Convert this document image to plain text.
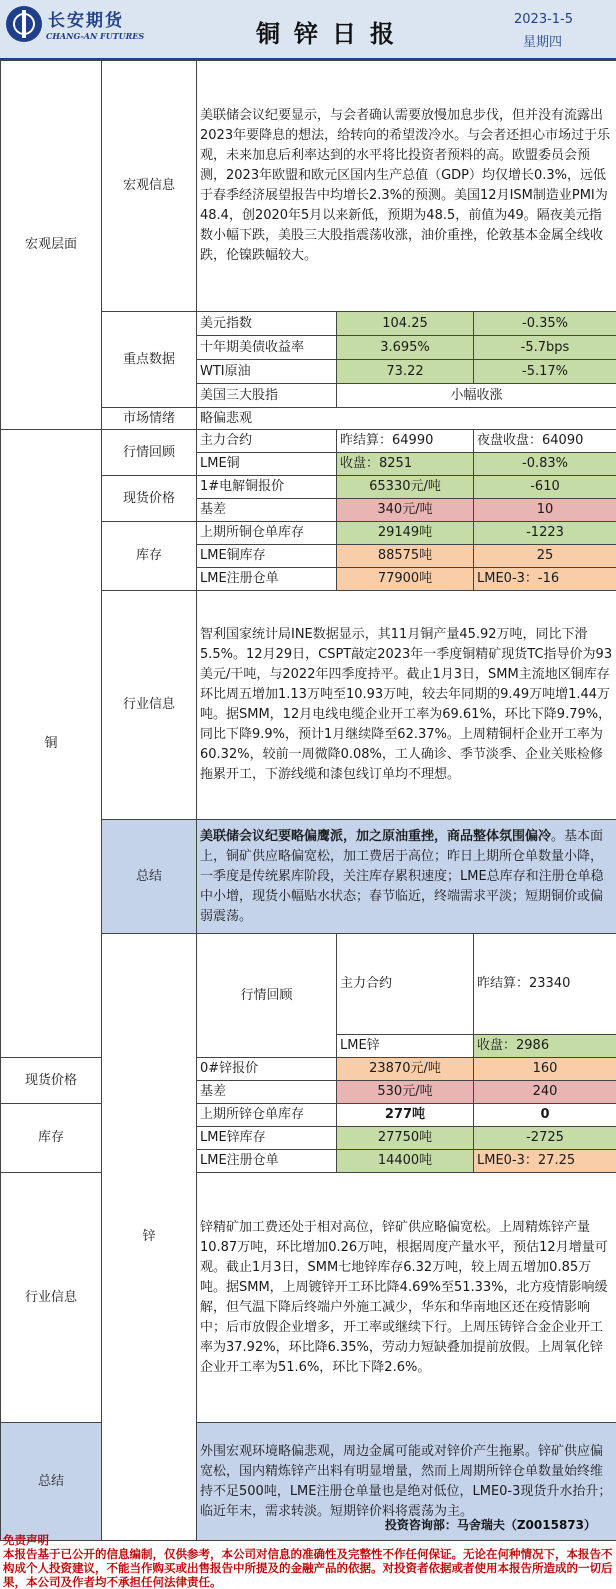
长安期货
CHANG-AN FUTURES	铜锌日报
2023-1-5
星期四
宏观层面	宏观信息	美联储会议纪要显示，与会者确认需要放慢加息步伐，但并没有流露出2023年要降息的想法，给转向的希望泼冷水。与会者还担心市场过于乐观，未来加息后利率达到的水平将比投资者预料的高。欧盟委员会预测，2023年欧盟和欧元区国内生产总值（GDP）均仅增长0.3%，远低于春季经济展望报告中均增长2.3%的预测。美国12月ISM制造业PMI为48.4，创2020年5月以来新低，预期为48.5，前值为49。隔夜美元指数小幅下跌，美股三大股指震荡收涨，油价重挫，伦敦基本金属全线收跌，伦镍跌幅较大。			
	重点数据	美元指数	104.25	-0.35%	
		十年期美债收益率	3.695%	-5.7bps	
		WTI原油	73.22	-5.17%	
		美国三大股指	小幅收涨		
	市场情绪	略偏悲观			
铜	行情回顾	主力合约	昨结算：64990	夜盘收盘：64090	
		LME铜	收盘：8251	-0.83%	
	现货价格	1#电解铜报价	65330元/吨	-610	
		基差	340元/吨	10	
	库存	上期所铜仓单库存	29149吨	-1223	
		LME铜库存	88575吨	25	
		LME注册仓单	77900吨	LME0-3：-16	
	行业信息	智利国家统计局INE数据显示，其11月铜产量45.92万吨，同比下滑5.5%。12月29日，CSPT敲定2023年一季度铜精矿现货TC指导价为93美元/干吨，与2022年四季度持平。截止1月3日，SMM主流地区铜库存环比周五增加1.13万吨至10.93万吨，较去年同期的9.49万吨增1.44万吨。据SMM，12月电线电缆企业开工率为69.61%，环比下降9.79%，同比下降9.9%，预计1月继续降至62.37%。上周精铜杆企业开工率为60.32%，较前一周微降0.08%，工人确诊、季节淡季、企业关账检修拖累开工，下游线缆和漆包线订单均不理想。			
	总结	美联储会议纪要略偏鹰派，加之原油重挫，商品整体氛围偏冷。基本面上，铜矿供应略偏宽松，加工费居于高位；昨日上期所仓单数量小降，一季度是传统累库阶段，关注库存累积速度；LME总库存和注册仓单稳中小增，现货小幅贴水状态；春节临近，终端需求平淡；短期铜价或偏弱震荡。			
	锌	行情回顾	主力合约	昨结算：23340	
			LME锌	收盘：2986	
现货价格		0#锌报价	23870元/吨	160	
		基差	530元/吨	240	
库存		上期所锌仓单库存	277吨	0	
		LME锌库存	27750吨	-2725	
		LME注册仓单	14400吨	LME0-3：27.25	
行业信息		锌精矿加工费还处于相对高位，锌矿供应略偏宽松。上周精炼锌产量10.87万吨，环比增加0.26万吨，根据周度产量水平，预估12月增量可观。截止1月3日，SMM七地锌库存6.32万吨，较上周五增加0.85万吨。据SMM，上周镀锌开工环比降4.69%至51.33%，北方疫情影响缓解，但气温下降后终端户外施工减少，华东和华南地区还在疫情影响中；后市放假企业增多，开工率或继续下行。上周压铸锌合金企业开工率为37.92%，环比降6.35%，劳动力短缺叠加提前放假。上周氧化锌企业开工率为51.6%，环比下降2.6%。			
总结		外围宏观环境略偏悲观，周边金属可能或对锌价产生拖累。锌矿供应偏宽松，国内精炼锌产出料有明显增量，然而上周期所锌仓单数量始终维持不足500吨，LME注册仓单量也是绝对低位，LME0-3现货升水抬升；临近年末，需求转淡。短期锌价料将震荡为主。			
投资咨询部：马舍瑞夫（Z0015873）
免责声明
本报告基于已公开的信息编制，仅供参考，本公司对信息的准确性及完整性不作任何保证。无论在何种情况下，本报告不构成个人投资建议，不能当作购买或出售报告中所提及的金融产品的依据。对投资者依据或者使用本报告所造成的一切后果，本公司及作者均不承担任何法律责任。
